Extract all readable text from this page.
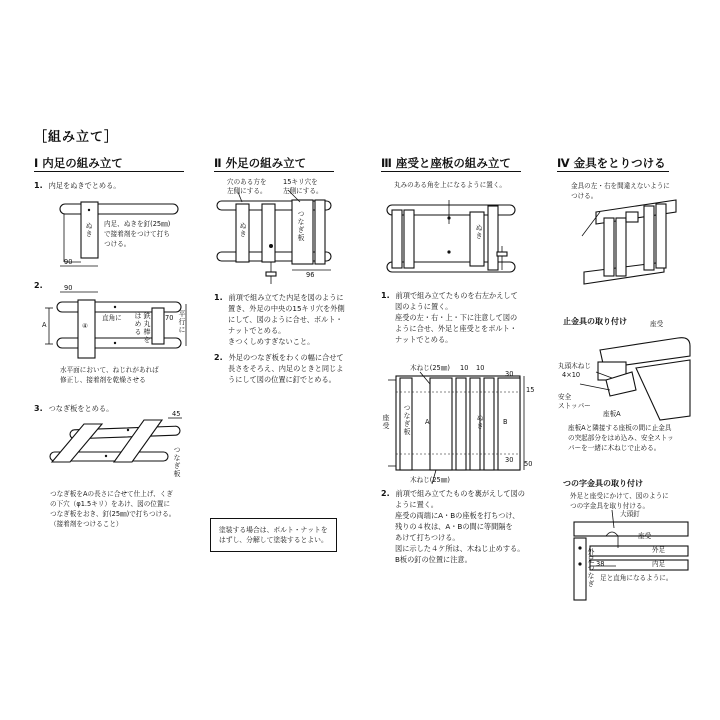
［組み立て］
Ⅰ 内足の組み立て
1. 内足をぬきでとめる。
ぬき 内足、ぬきを釘(25㎜)
で接着剤をつけて打ち
つける。
90
2.	90
A	④
直角に	鉄丸棒を
はめる	70 平行に
水平面において、ねじれがあれば
修正し、接着剤を乾燥させる
3. つなぎ板をとめる。
45
つなぎ板
つなぎ板をAの長さに合せて仕上げ、くぎ
の下穴（φ1.5キリ）をあけ、図の位置に
つなぎ板をおき、釘(25㎜)で打ちつける。
（接着剤をつけること）
Ⅱ 外足の組み立て
穴のある方を
左側にする。
15キリ穴を
左側にする。
ぬき	つなぎ板
96
1. 前項で組み立てた内足を図のように
置き、外足の中央の15キリ穴を外側
にして、図のように合せ、ボルト・
ナットでとめる。
きつくしめすぎないこと。
2. 外足のつなぎ板をわくの幅に合せて
長さをそろえ、内足のときと同じよ
うにして図の位置に釘でとめる。
塗装する場合は、ボルト・ナットを
はずし、分解して塗装するとよい。
Ⅲ 座受と座板の組み立て
丸みのある角を上になるように置く。
ぬき
1. 前項で組み立てたものを右左かえして
図のように置く。
座受の左・右・上・下に注意して図の
ように合せ、外足と座受とをボルト・
ナットでとめる。
木ねじ(25㎜) 10 10
30
15
30 50
座受 つなぎ板 A	B
ぬき
木ねじ(25㎜)
2. 前項で組み立てたものを裏がえして図の
ように置く。
座受の両端にA・Bの座板を打ちつけ、
残りの４枚は、A・Bの間に等間隔を
あけて打ちつける。
図に示した４ケ所は、木ねじ止めする。
B板の釘の位置に注意。
Ⅳ 金具をとりつける
金具の左・右を間違えないように
つける。
止金具の取り付け	座受
丸頭木ねじ
4×10
安全
ストッパー
座板A
座板Aと隣接する座板の間に止金具
の突起部分をはめ込み、安全ストッ
パーを一緒に木ねじで止める。
つの字金具の取り付け
外足と座受にかけて、図のように
つの字金具を取り付ける。
大頭釘
座受
外足
内足
38
外足つなぎ 足と直角になるように。
